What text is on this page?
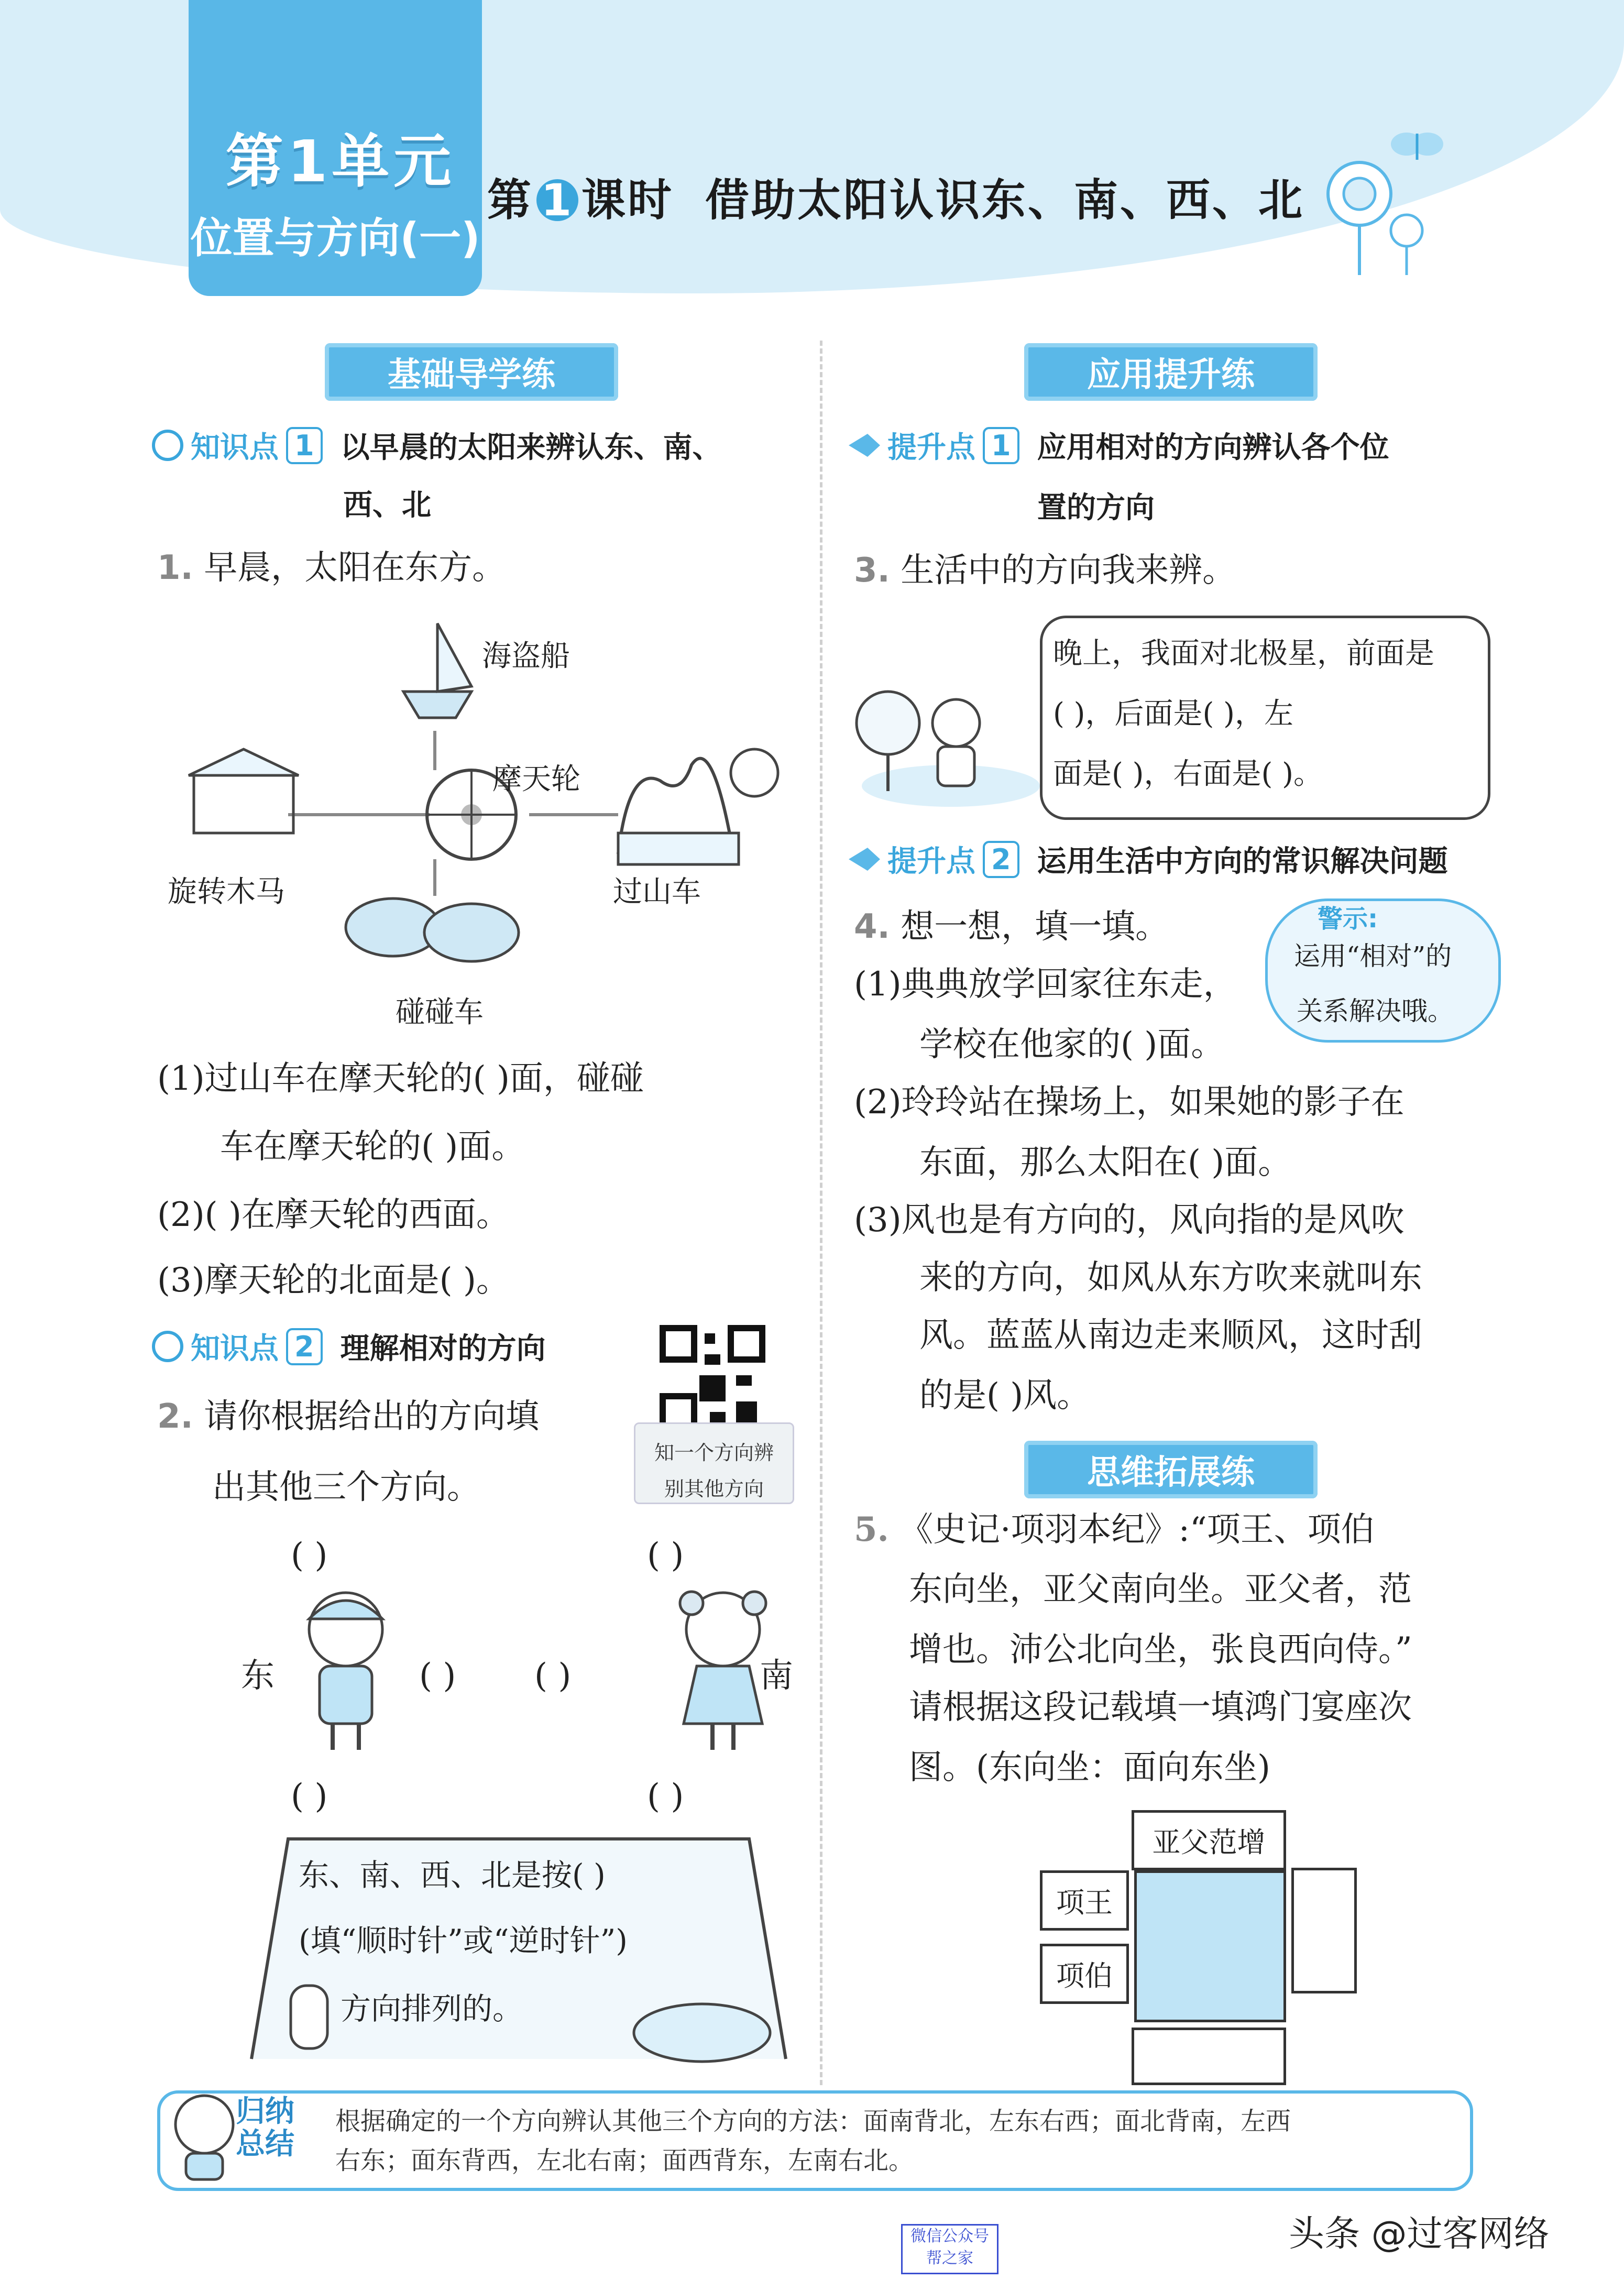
第1单元
位置与方向(一)
第 1 课时 借助太阳认识东、南、西、北
基础导学练
知识点 1 以早晨的太阳来辨认东、南、
西、北
1. 早晨，太阳在东方。
海盗船
摩天轮
旋转木马	过山车
碰碰车
(1)过山车在摩天轮的( )面，碰碰
车在摩天轮的( )面。
(2)( )在摩天轮的西面。
(3)摩天轮的北面是( )。
知识点 2 理解相对的方向
知一个方向辨
别其他方向
2. 请你根据给出的方向填
出其他三个方向。
( )	( )
东	( ) ( )	南
( )	( )
东、南、西、北是按( )
(填“顺时针”或“逆时针”)
方向排列的。
应用提升练
提升点 1 应用相对的方向辨认各个位
置的方向
3. 生活中的方向我来辨。
晚上，我面对北极星，前面是
( )，后面是( )，左
面是( )，右面是( )。
提升点 2 运用生活中方向的常识解决问题
4. 想一想，填一填。	警示:
运用“相对”的
关系解决哦。
(1)典典放学回家往东走，
学校在他家的( )面。
(2)玲玲站在操场上，如果她的影子在
东面，那么太阳在( )面。
(3)风也是有方向的，风向指的是风吹
来的方向，如风从东方吹来就叫东
风。蓝蓝从南边走来顺风，这时刮
的是( )风。
思维拓展练
5. 《史记·项羽本纪》:“项王、项伯
东向坐，亚父南向坐。亚父者，范
增也。沛公北向坐，张良西向侍。”
请根据这段记载填一填鸿门宴座次
图。(东向坐：面向东坐)
亚父范增
项王
项伯
归纳
总结
根据确定的一个方向辨认其他三个方向的方法：面南背北，左东右西；面北背南，左西
右东；面东背西，左北右南；面西背东，左南右北。
微信公众号
帮之家
头条 @过客网络
